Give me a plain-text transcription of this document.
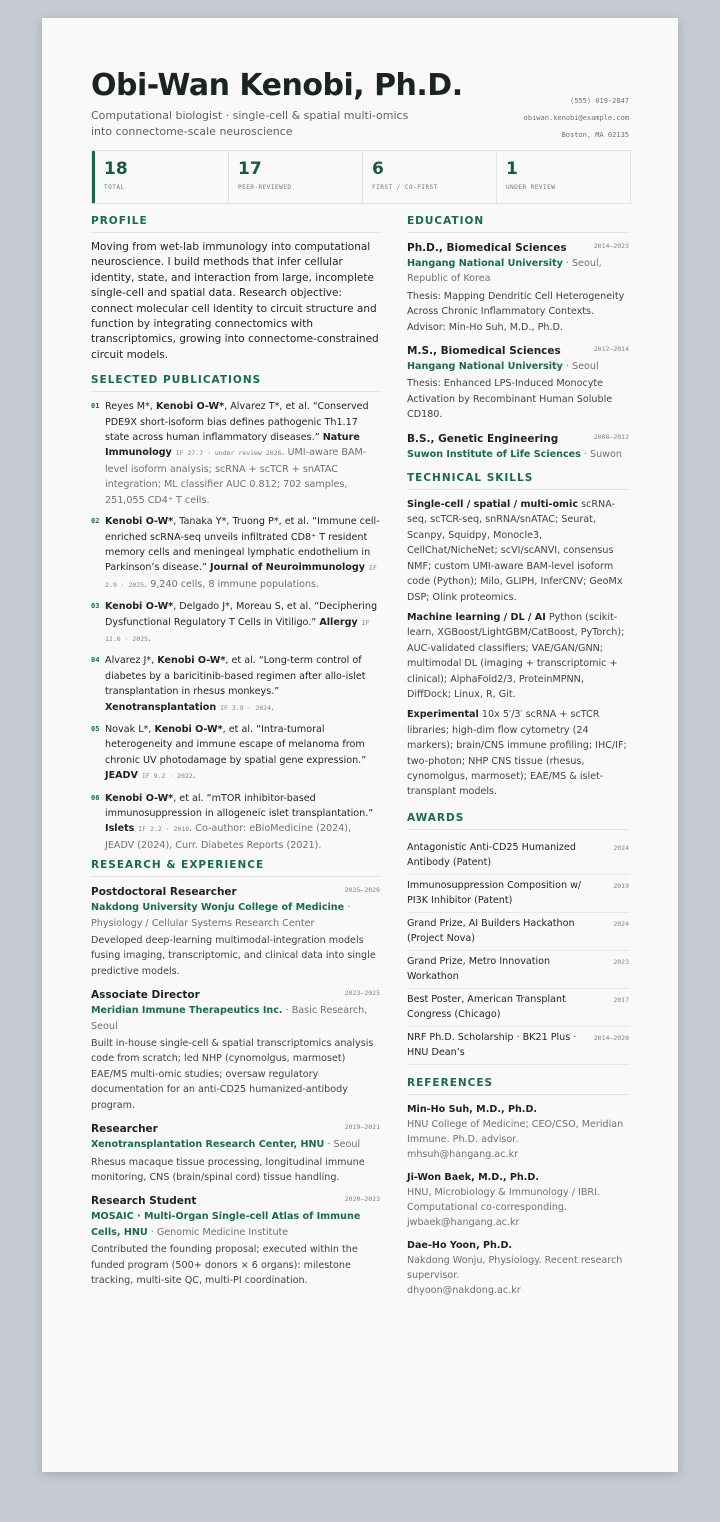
Obi-Wan Kenobi, Ph.D.
Computational biologist · single-cell & spatial multi-omics into connectome-scale neuroscience
(555) 019-2847
obiwan.kenobi@example.com
Boston, MA 02135
18
TOTAL
17
PEER-REVIEWED
6
FIRST / CO-FIRST
1
UNDER REVIEW
PROFILE
Moving from wet-lab immunology into computational neuroscience. I build methods that infer cellular identity, state, and interaction from large, incomplete single-cell and spatial data. Research objective: connect molecular cell identity to circuit structure and function by integrating connectomics with transcriptomics, growing into connectome-constrained circuit models.
SELECTED PUBLICATIONS
01 Reyes M*, Kenobi O-W*, Alvarez T*, et al. “Conserved PDE9X short-isoform bias defines pathogenic Th1.17 state across human inflammatory diseases.” Nature Immunology IF 27.7 · under review 2026. UMI-aware BAM-level isoform analysis; scRNA + scTCR + snATAC integration; ML classifier AUC 0.812; 702 samples, 251,055 CD4⁺ T cells.
02 Kenobi O-W*, Tanaka Y*, Truong P*, et al. “Immune cell-enriched scRNA-seq unveils infiltrated CD8⁺ T resident memory cells and meningeal lymphatic endothelium in Parkinson’s disease.” Journal of Neuroimmunology IF 2.9 · 2025. 9,240 cells, 8 immune populations.
03 Kenobi O-W*, Delgado J*, Moreau S, et al. “Deciphering Dysfunctional Regulatory T Cells in Vitiligo.” Allergy IF 12.6 · 2025.
04 Alvarez J*, Kenobi O-W*, et al. “Long-term control of diabetes by a baricitinib-based regimen after allo-islet transplantation in rhesus monkeys.” Xenotransplantation IF 3.9 · 2024.
05 Novak L*, Kenobi O-W*, et al. “Intra-tumoral heterogeneity and immune escape of melanoma from chronic UV photodamage by spatial gene expression.” JEADV IF 9.2 · 2022.
06 Kenobi O-W*, et al. “mTOR inhibitor-based immunosuppression in allogeneic islet transplantation.” Islets IF 2.2 · 2019. Co-author: eBioMedicine (2024), JEADV (2024), Curr. Diabetes Reports (2021).
RESEARCH & EXPERIENCE
2025–2026
Postdoctoral Researcher
Nakdong University Wonju College of Medicine · Physiology / Cellular Systems Research Center
Developed deep-learning multimodal-integration models fusing imaging, transcriptomic, and clinical data into single predictive models.
2023–2025
Associate Director
Meridian Immune Therapeutics Inc. · Basic Research, Seoul
Built in-house single-cell & spatial transcriptomics analysis code from scratch; led NHP (cynomolgus, marmoset) EAE/MS multi-omic studies; oversaw regulatory documentation for an anti-CD25 humanized-antibody program.
2019–2021
Researcher
Xenotransplantation Research Center, HNU · Seoul
Rhesus macaque tissue processing, longitudinal immune monitoring, CNS (brain/spinal cord) tissue handling.
2020–2023
Research Student
MOSAIC · Multi-Organ Single-cell Atlas of Immune Cells, HNU · Genomic Medicine Institute
Contributed the founding proposal; executed within the funded program (500+ donors × 6 organs): milestone tracking, multi-site QC, multi-PI coordination.
EDUCATION
2014–2023
Ph.D., Biomedical Sciences
Hangang National University · Seoul, Republic of Korea
Thesis: Mapping Dendritic Cell Heterogeneity Across Chronic Inflammatory Contexts. Advisor: Min-Ho Suh, M.D., Ph.D.
2012–2014
M.S., Biomedical Sciences
Hangang National University · Seoul
Thesis: Enhanced LPS-Induced Monocyte Activation by Recombinant Human Soluble CD180.
2008–2012
B.S., Genetic Engineering
Suwon Institute of Life Sciences · Suwon
TECHNICAL SKILLS
Single-cell / spatial / multi-omic scRNA-seq, scTCR-seq, snRNA/snATAC; Seurat, Scanpy, Squidpy, Monocle3, CellChat/NicheNet; scVI/scANVI, consensus NMF; custom UMI-aware BAM-level isoform code (Python); Milo, GLIPH, InferCNV; GeoMx DSP; Olink proteomics.
Machine learning / DL / AI Python (scikit-learn, XGBoost/LightGBM/CatBoost, PyTorch); AUC-validated classifiers; VAE/GAN/GNN; multimodal DL (imaging + transcriptomic + clinical); AlphaFold2/3, ProteinMPNN, DiffDock; Linux, R, Git.
Experimental 10x 5′/3′ scRNA + scTCR libraries; high-dim flow cytometry (24 markers); brain/CNS immune profiling; IHC/IF; two-photon; NHP CNS tissue (rhesus, cynomolgus, marmoset); EAE/MS & islet-transplant models.
AWARDS
2024
Antagonistic Anti-CD25 Humanized Antibody (Patent)
2019
Immunosuppression Composition w/ PI3K Inhibitor (Patent)
2024
Grand Prize, AI Builders Hackathon (Project Nova)
2023
Grand Prize, Metro Innovation Workathon
2017
Best Poster, American Transplant Congress (Chicago)
2014–2020
NRF Ph.D. Scholarship · BK21 Plus · HNU Dean’s
REFERENCES
Min-Ho Suh, M.D., Ph.D.
HNU College of Medicine; CEO/CSO, Meridian Immune. Ph.D. advisor.
mhsuh@hangang.ac.kr
Ji-Won Baek, M.D., Ph.D.
HNU, Microbiology & Immunology / IBRI. Computational co-corresponding.
jwbaek@hangang.ac.kr
Dae-Ho Yoon, Ph.D.
Nakdong Wonju, Physiology. Recent research supervisor.
dhyoon@nakdong.ac.kr
